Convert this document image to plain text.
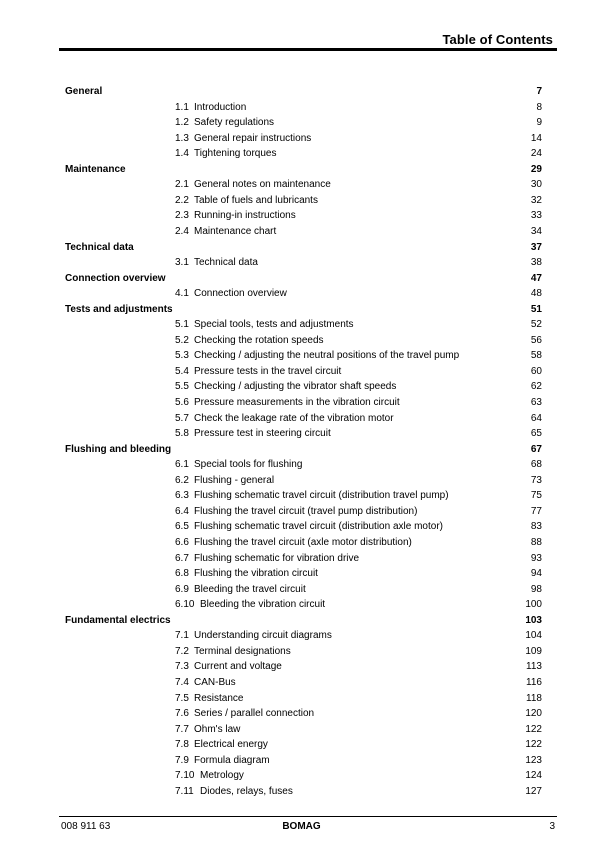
Table of Contents
General	7
1.1 Introduction	8
1.2 Safety regulations	9
1.3 General repair instructions	14
1.4 Tightening torques	24
Maintenance	29
2.1 General notes on maintenance	30
2.2 Table of fuels and lubricants	32
2.3 Running-in instructions	33
2.4 Maintenance chart	34
Technical data	37
3.1 Technical data	38
Connection overview	47
4.1 Connection overview	48
Tests and adjustments	51
5.1 Special tools, tests and adjustments	52
5.2 Checking the rotation speeds	56
5.3 Checking / adjusting the neutral positions of the travel pump	58
5.4 Pressure tests in the travel circuit	60
5.5 Checking / adjusting the vibrator shaft speeds	62
5.6 Pressure measurements in the vibration circuit	63
5.7 Check the leakage rate of the vibration motor	64
5.8 Pressure test in steering circuit	65
Flushing and bleeding	67
6.1 Special tools for flushing	68
6.2 Flushing - general	73
6.3 Flushing schematic travel circuit (distribution travel pump)	75
6.4 Flushing the travel circuit (travel pump distribution)	77
6.5 Flushing schematic travel circuit (distribution axle motor)	83
6.6 Flushing the travel circuit (axle motor distribution)	88
6.7 Flushing schematic for vibration drive	93
6.8 Flushing the vibration circuit	94
6.9 Bleeding the travel circuit	98
6.10 Bleeding the vibration circuit	100
Fundamental electrics	103
7.1 Understanding circuit diagrams	104
7.2 Terminal designations	109
7.3 Current and voltage	113
7.4 CAN-Bus	116
7.5 Resistance	118
7.6 Series / parallel connection	120
7.7 Ohm's law	122
7.8 Electrical energy	122
7.9 Formula diagram	123
7.10 Metrology	124
7.11 Diodes, relays, fuses	127
008 911 63	BOMAG	3
